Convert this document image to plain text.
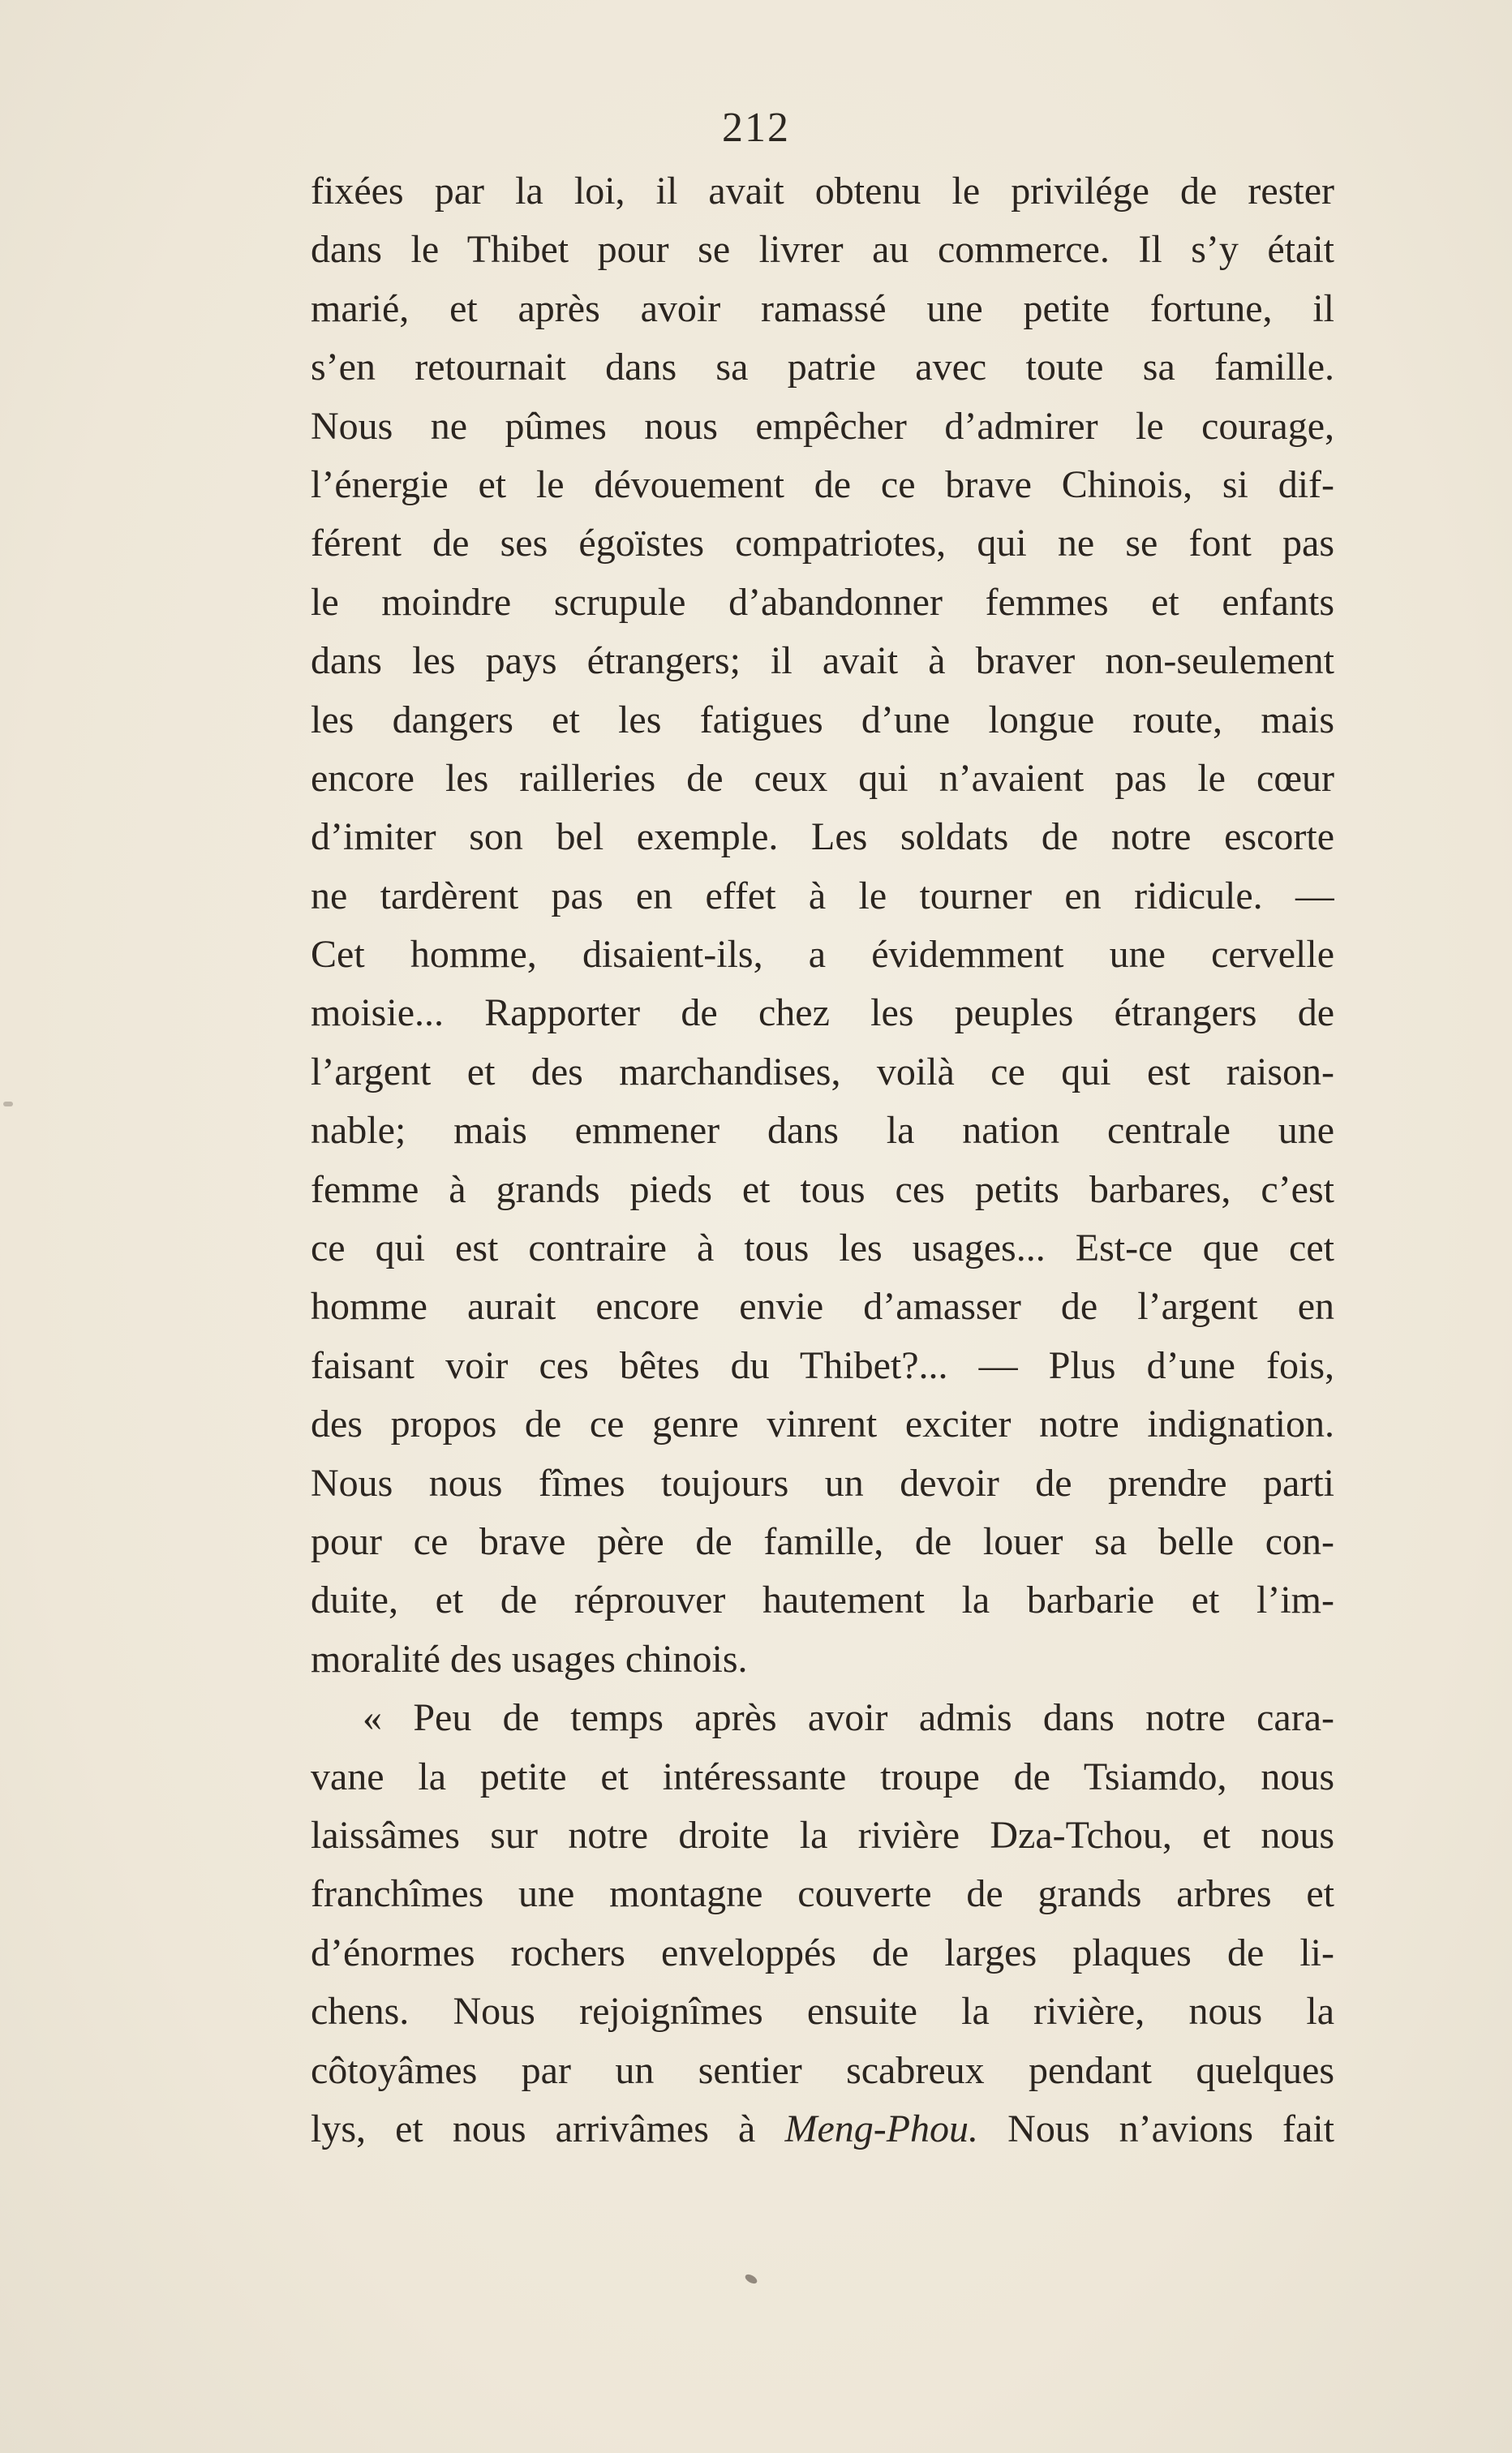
212
fixées par la loi, il avait obtenu le privilége de rester
dans le Thibet pour se livrer au commerce. Il s’y était
marié, et après avoir ramassé une petite fortune, il
s’en retournait dans sa patrie avec toute sa famille.
Nous ne pûmes nous empêcher d’admirer le courage,
l’énergie et le dévouement de ce brave Chinois, si dif-
férent de ses égoïstes compatriotes, qui ne se font pas
le moindre scrupule d’abandonner femmes et enfants
dans les pays étrangers; il avait à braver non-seulement
les dangers et les fatigues d’une longue route, mais
encore les railleries de ceux qui n’avaient pas le cœur
d’imiter son bel exemple. Les soldats de notre escorte
ne tardèrent pas en effet à le tourner en ridicule. —
Cet homme, disaient-ils, a évidemment une cervelle
moisie... Rapporter de chez les peuples étrangers de
l’argent et des marchandises, voilà ce qui est raison-
nable; mais emmener dans la nation centrale une
femme à grands pieds et tous ces petits barbares, c’est
ce qui est contraire à tous les usages... Est-ce que cet
homme aurait encore envie d’amasser de l’argent en
faisant voir ces bêtes du Thibet?... — Plus d’une fois,
des propos de ce genre vinrent exciter notre indignation.
Nous nous fîmes toujours un devoir de prendre parti
pour ce brave père de famille, de louer sa belle con-
duite, et de réprouver hautement la barbarie et l’im-
moralité des usages chinois.
« Peu de temps après avoir admis dans notre cara-
vane la petite et intéressante troupe de Tsiamdo, nous
laissâmes sur notre droite la rivière Dza-Tchou, et nous
franchîmes une montagne couverte de grands arbres et
d’énormes rochers enveloppés de larges plaques de li-
chens. Nous rejoignîmes ensuite la rivière, nous la
côtoyâmes par un sentier scabreux pendant quelques
lys, et nous arrivâmes à Meng-Phou. Nous n’avions fait
